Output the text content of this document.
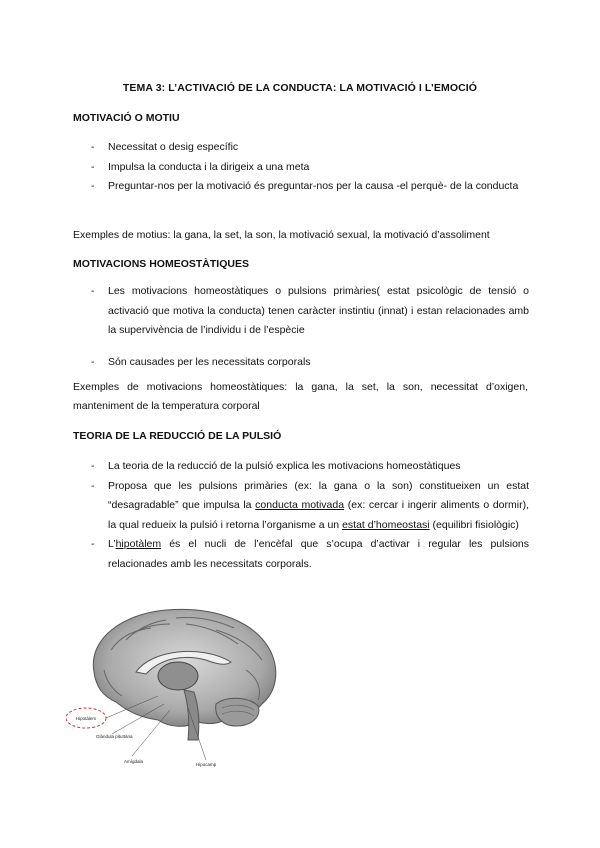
TEMA 3: L’ACTIVACIÓ DE LA CONDUCTA: LA MOTIVACIÓ I L’EMOCIÓ
MOTIVACIÓ O MOTIU
- Necessitat o desig específic
- Impulsa la conducta i la dirigeix a una meta
- Preguntar-nos per la motivació és preguntar-nos per la causa -el perquè- de la conducta
Exemples de motius: la gana, la set, la son, la motivació sexual, la motivació d’assoliment
MOTIVACIONS HOMEOSTÀTIQUES
- Les motivacions homeostàtiques o pulsions primàries( estat psicològic de tensió o activació que motiva la conducta) tenen caràcter instintiu (innat) i estan relacionades amb la supervivència de l’individu i de l’espècie
- Són causades per les necessitats corporals
Exemples de motivacions homeostàtiques: la gana, la set, la son, necessitat d’oxigen, manteniment de la temperatura corporal
TEORIA DE LA REDUCCIÓ DE LA PULSIÓ
- La teoria de la reducció de la pulsió explica les motivacions homeostàtiques
- Proposa que les pulsions primàries (ex: la gana o la son) constitueixen un estat “desagradable” que impulsa la conducta motivada (ex: cercar i ingerir aliments o dormir), la qual redueix la pulsió i retorna l’organisme a un estat d’homeostasi (equilibri fisiològic)
- L’hipotàlem és el nucli de l’encèfal que s’ocupa d’activar i regular les pulsions relacionades amb les necessitats corporals.
Hipotàlem
Glàndula pituïtària
Amígdala
Hipocamp
